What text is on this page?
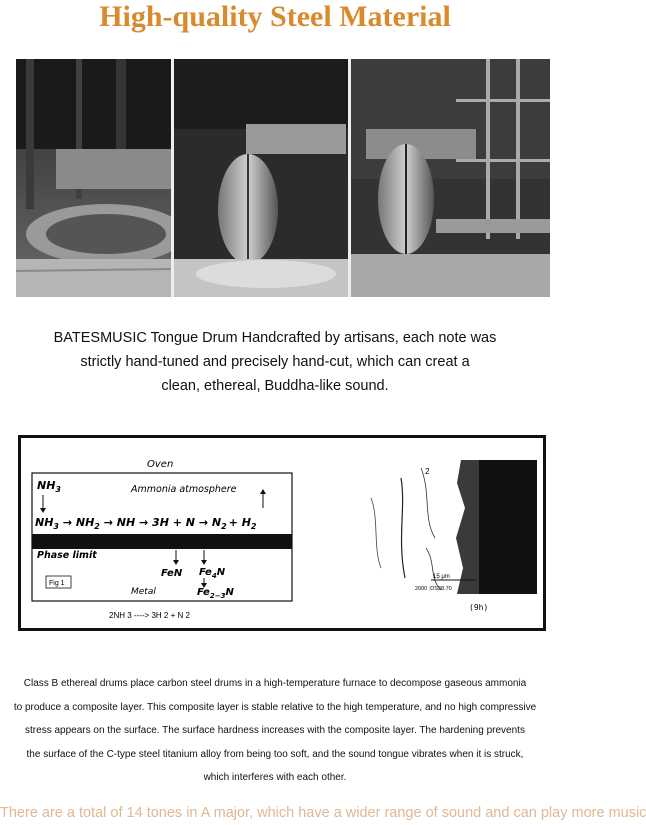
High-quality Steel Material
BATESMUSIC Tongue Drum Handcrafted by artisans, each note was
strictly hand-tuned and precisely hand-cut, which can creat a
clean, ethereal, Buddha-like sound.
Oven
$NH_3$	Ammonia atmosphere
$NH_3 \to NH_2$ → NH → $3H + N \to N_2 + H_2$
Phase limit
FeN $Fe_4N$
Metal	$Fe_{2-3}N$
Fig 1
2NH 3 ----> 3H 2 + N 2
2
15 μm
2000 ;DS38.70
(9h)
Class B ethereal drums place carbon steel drums in a high-temperature furnace to decompose gaseous ammonia
to produce a composite layer. This composite layer is stable relative to the high temperature, and no high compressive
stress appears on the surface. The surface hardness increases with the composite layer. The hardening prevents
the surface of the C-type steel titanium alloy from being too soft, and the sound tongue vibrates when it is struck,
which interferes with each other.
There are a total of 14 tones in A major, which have a wider range of sound and can play more music
